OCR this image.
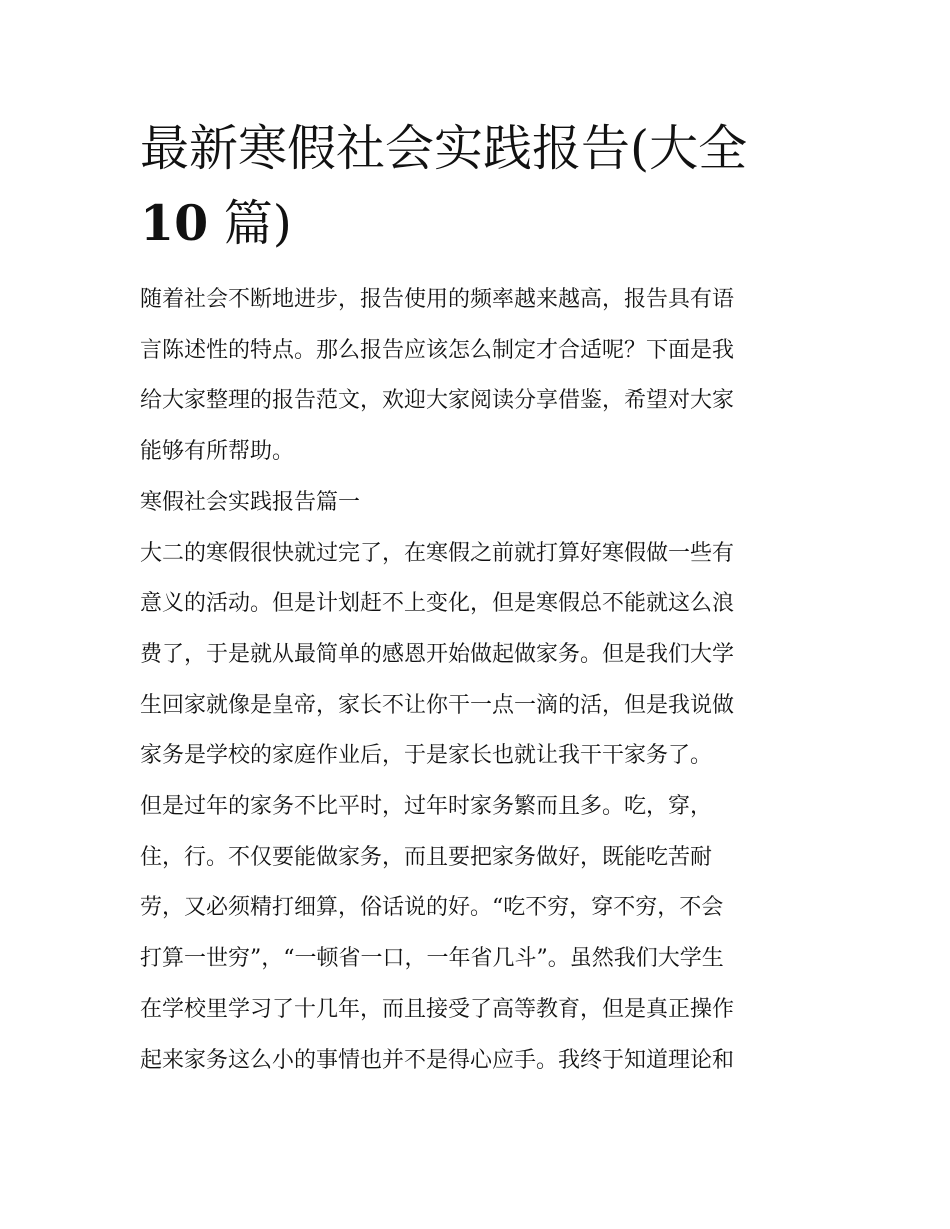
最新寒假社会实践报告(大全
10 篇)

随着社会不断地进步，报告使用的频率越来越高，报告具有语
言陈述性的特点。那么报告应该怎么制定才合适呢？下面是我
给大家整理的报告范文，欢迎大家阅读分享借鉴，希望对大家
能够有所帮助。

寒假社会实践报告篇一

大二的寒假很快就过完了，在寒假之前就打算好寒假做一些有
意义的活动。但是计划赶不上变化，但是寒假总不能就这么浪
费了，于是就从最简单的感恩开始做起做家务。但是我们大学
生回家就像是皇帝，家长不让你干一点一滴的活，但是我说做
家务是学校的家庭作业后，于是家长也就让我干干家务了。

但是过年的家务不比平时，过年时家务繁而且多。吃，穿，
住，行。不仅要能做家务，而且要把家务做好，既能吃苦耐
劳，又必须精打细算，俗话说的好。“吃不穷，穿不穷，不会
打算一世穷”，“一顿省一口，一年省几斗”。虽然我们大学生
在学校里学习了十几年，而且接受了高等教育，但是真正操作
起来家务这么小的事情也并不是得心应手。我终于知道理论和
